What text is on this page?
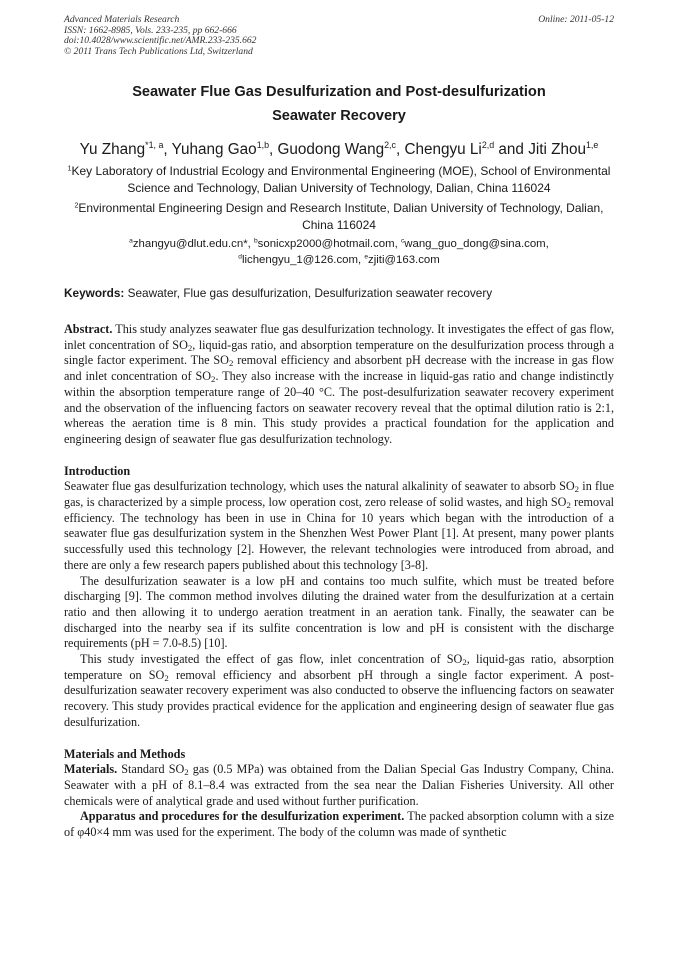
Advanced Materials Research
ISSN: 1662-8985, Vols. 233-235, pp 662-666
doi:10.4028/www.scientific.net/AMR.233-235.662
© 2011 Trans Tech Publications Ltd, Switzerland
Online: 2011-05-12
Seawater Flue Gas Desulfurization and Post-desulfurization
Seawater Recovery
Yu Zhang$^{*1, a}$, Yuhang Gao$^{1,b}$, Guodong Wang$^{2,c}$, Chengyu Li$^{2,d}$ and Jiti Zhou$^{1,e}$
$^1$Key Laboratory of Industrial Ecology and Environmental Engineering (MOE), School of Environmental Science and Technology, Dalian University of Technology, Dalian, China 116024
$^2$Environmental Engineering Design and Research Institute, Dalian University of Technology, Dalian, China 116024
$^a$zhangyu@dlut.edu.cn*, $^b$sonicxp2000@hotmail.com, $^c$wang_guo_dong@sina.com,
$^d$lichengyu_1@126.com, $^e$zjiti@163.com
Keywords: Seawater, Flue gas desulfurization, Desulfurization seawater recovery

Abstract. This study analyzes seawater flue gas desulfurization technology. It investigates the effect of gas flow, inlet concentration of $SO_2$, liquid-gas ratio, and absorption temperature on the desulfurization process through a single factor experiment. The $SO_2$ removal efficiency and absorbent pH decrease with the increase in gas flow and inlet concentration of $SO_2$. They also increase with the increase in liquid-gas ratio and change indistinctly within the absorption temperature range of 20–40 °C. The post-desulfurization seawater recovery experiment and the observation of the influencing factors on seawater recovery reveal that the optimal dilution ratio is 2:1, whereas the aeration time is 8 min. This study provides a practical foundation for the application and engineering design of seawater flue gas desulfurization technology.

Introduction

Seawater flue gas desulfurization technology, which uses the natural alkalinity of seawater to absorb $SO_2$ in flue gas, is characterized by a simple process, low operation cost, zero release of solid wastes, and high $SO_2$ removal efficiency. The technology has been in use in China for 10 years which began with the introduction of a seawater flue gas desulfurization system in the Shenzhen West Power Plant [1]. At present, many power plants successfully used this technology [2]. However, the relevant technologies were introduced from abroad, and there are only a few research papers published about this technology [3-8].

The desulfurization seawater is a low pH and contains too much sulfite, which must be treated before discharging [9]. The common method involves diluting the drained water from the desulfurization at a certain ratio and then allowing it to undergo aeration treatment in an aeration tank. Finally, the seawater can be discharged into the nearby sea if its sulfite concentration is low and pH is consistent with the discharge requirements (pH = 7.0-8.5) [10].

This study investigated the effect of gas flow, inlet concentration of $SO_2$, liquid-gas ratio, absorption temperature on $SO_2$ removal efficiency and absorbent pH through a single factor experiment. A post-desulfurization seawater recovery experiment was also conducted to observe the influencing factors on seawater recovery. This study provides practical evidence for the application and engineering design of seawater flue gas desulfurization.

Materials and Methods

Materials. Standard $SO_2$ gas (0.5 MPa) was obtained from the Dalian Special Gas Industry Company, China. Seawater with a pH of 8.1–8.4 was extracted from the sea near the Dalian Fisheries University. All other chemicals were of analytical grade and used without further purification.

Apparatus and procedures for the desulfurization experiment. The packed absorption column with a size of φ40×4 mm was used for the experiment. The body of the column was made of synthetic
